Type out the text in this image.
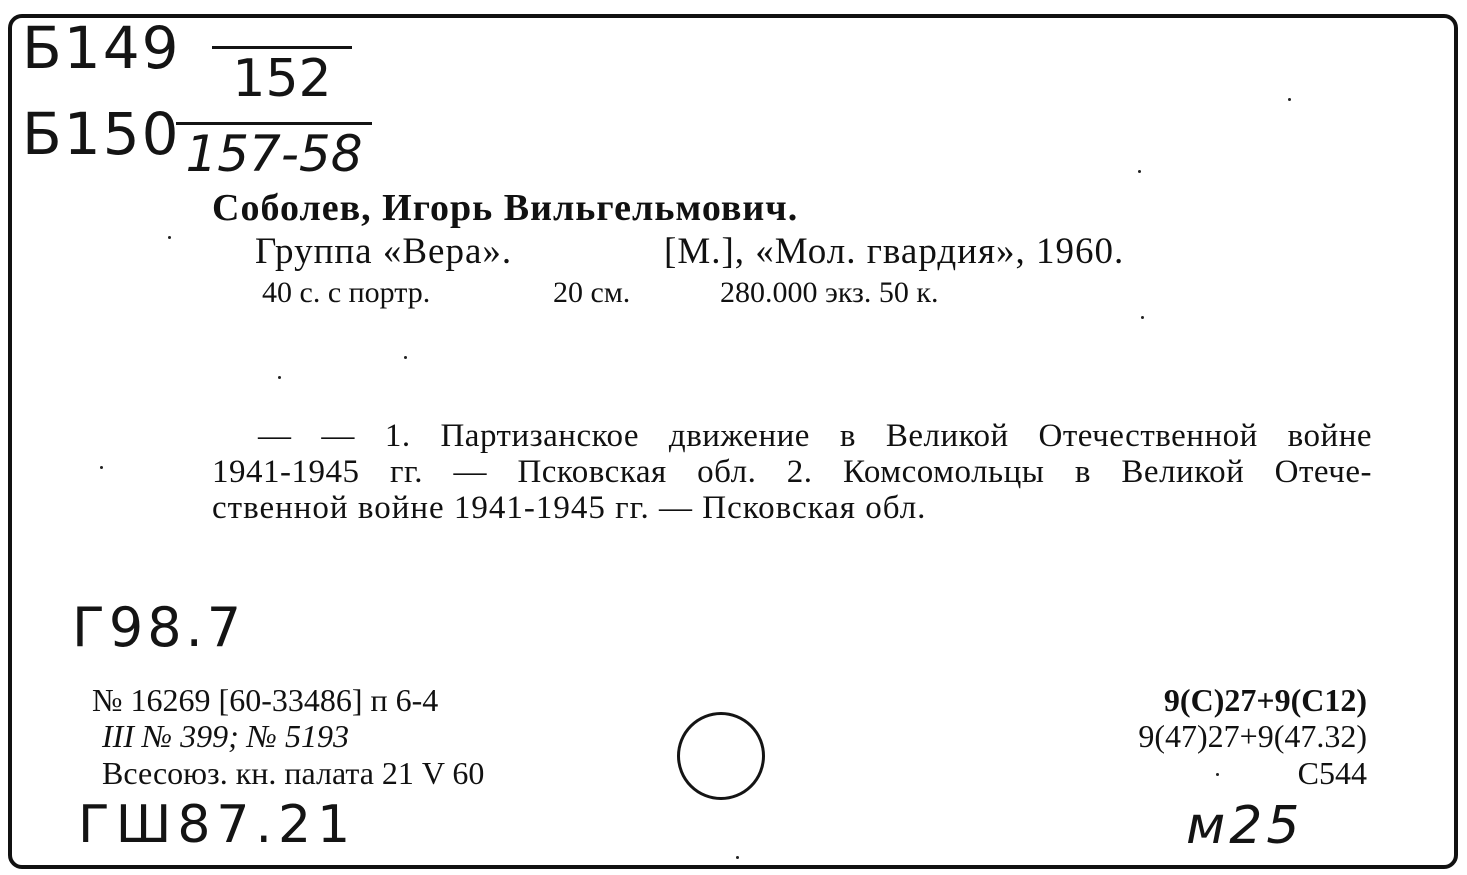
Б149 152
Б150 157-58
Соболев, Игорь Вильгельмович.
Группа «Вера».	[М.], «Мол. гвардия», 1960.
40 с. с портр.	20 см.	280.000 экз. 50 к.
— — 1. Партизанское движение в Великой Отечественной войне
1941-1945 гг. — Псковская обл. 2. Комсомольцы в Великой Отече-
ственной войне 1941-1945 гг. — Псковская обл.
Г98.7
№ 16269 [60-33486] п 6-4
III № 399; № 5193
Всесоюз. кн. палата 21 V 60
9(С)27+9(С12)
9(47)27+9(47.32)
С544
ГШ87.21	м25
